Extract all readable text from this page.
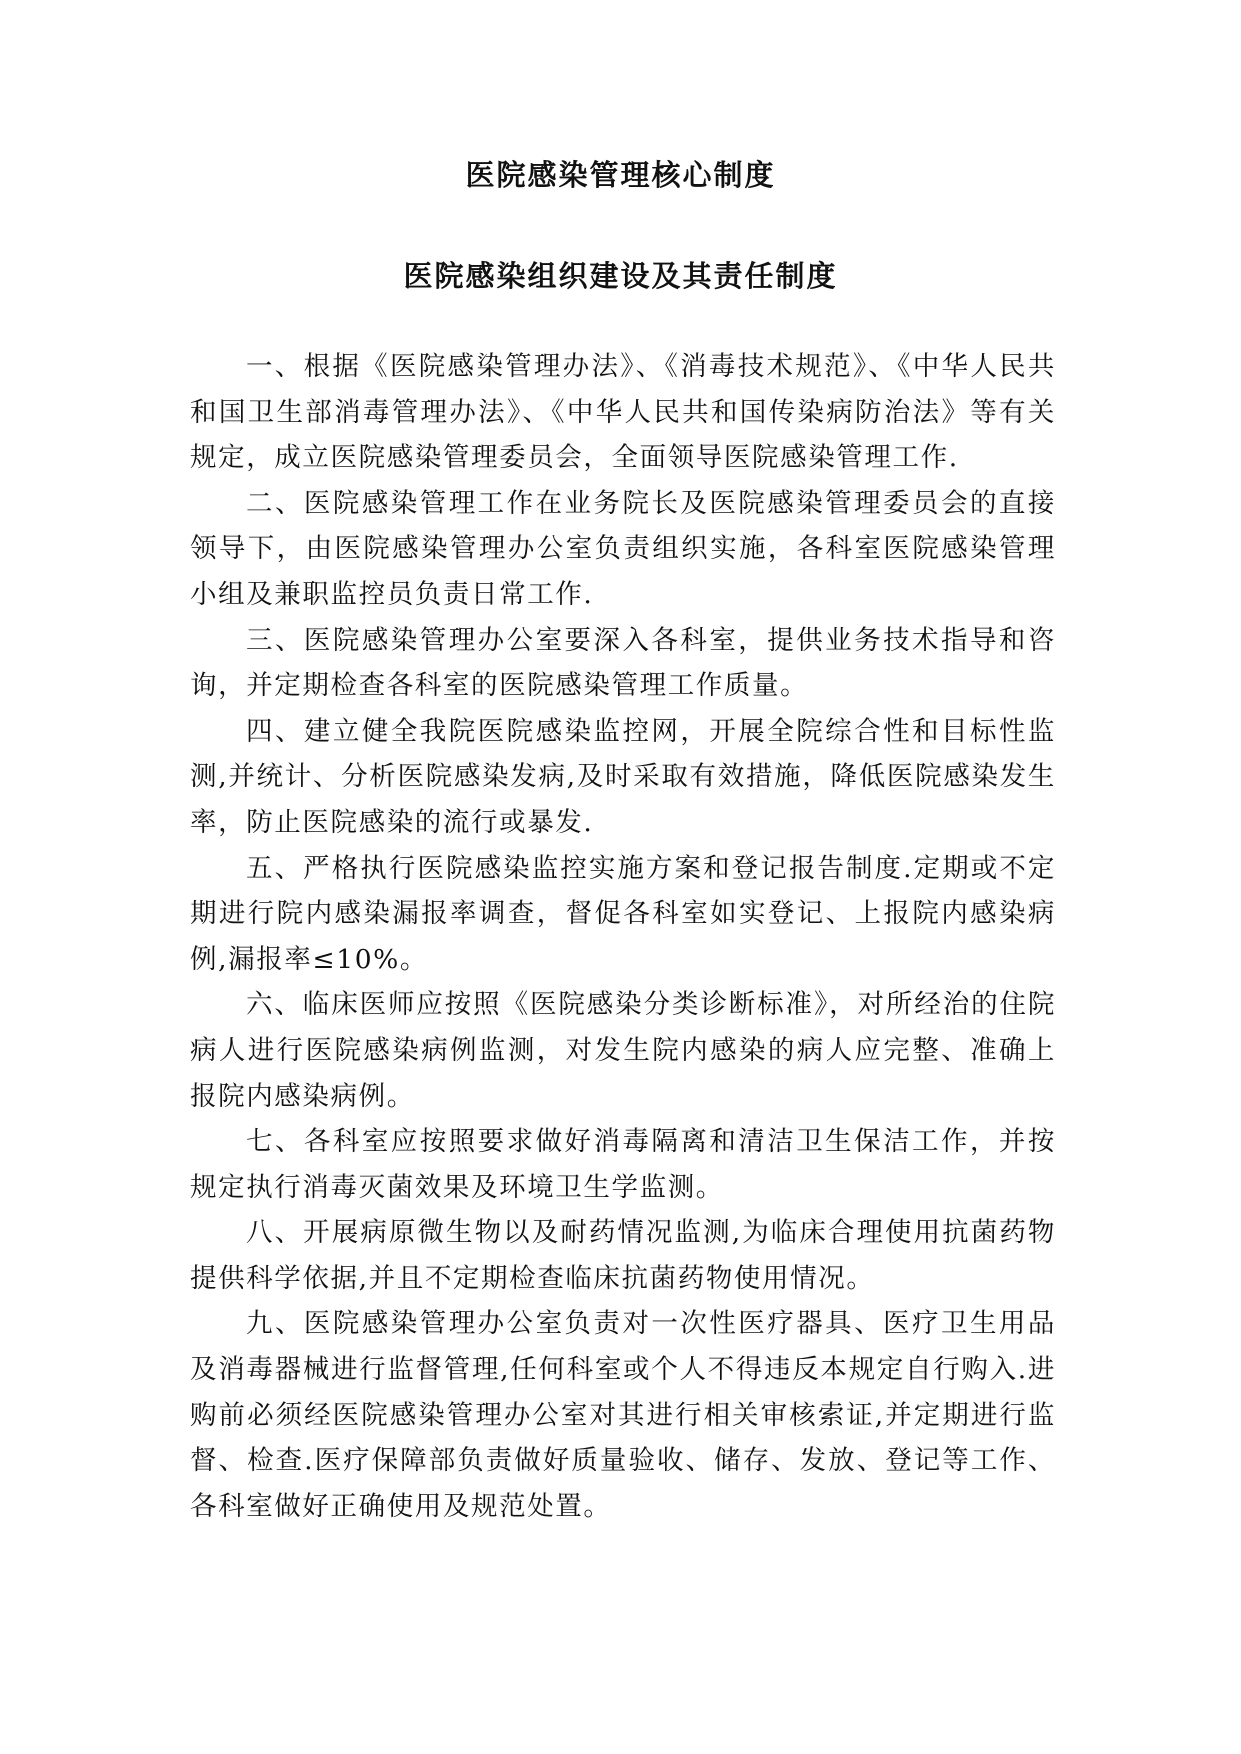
医院感染管理核心制度
医院感染组织建设及其责任制度

一、根据《医院感染管理办法》、《消毒技术规范》、《中华人民共和国卫生部消毒管理办法》、《中华人民共和国传染病防治法》等有关规定，成立医院感染管理委员会，全面领导医院感染管理工作.

二、医院感染管理工作在业务院长及医院感染管理委员会的直接领导下，由医院感染管理办公室负责组织实施，各科室医院感染管理小组及兼职监控员负责日常工作.

三、医院感染管理办公室要深入各科室，提供业务技术指导和咨询，并定期检查各科室的医院感染管理工作质量。

四、建立健全我院医院感染监控网，开展全院综合性和目标性监测,并统计、分析医院感染发病,及时采取有效措施，降低医院感染发生率，防止医院感染的流行或暴发.

五、严格执行医院感染监控实施方案和登记报告制度.定期或不定期进行院内感染漏报率调查，督促各科室如实登记、上报院内感染病例,漏报率≤10%。

六、临床医师应按照《医院感染分类诊断标准》，对所经治的住院病人进行医院感染病例监测，对发生院内感染的病人应完整、准确上报院内感染病例。

七、各科室应按照要求做好消毒隔离和清洁卫生保洁工作，并按规定执行消毒灭菌效果及环境卫生学监测。

八、开展病原微生物以及耐药情况监测,为临床合理使用抗菌药物提供科学依据,并且不定期检查临床抗菌药物使用情况。

九、医院感染管理办公室负责对一次性医疗器具、医疗卫生用品及消毒器械进行监督管理,任何科室或个人不得违反本规定自行购入.进购前必须经医院感染管理办公室对其进行相关审核索证,并定期进行监督、检查.医疗保障部负责做好质量验收、储存、发放、登记等工作、各科室做好正确使用及规范处置。
